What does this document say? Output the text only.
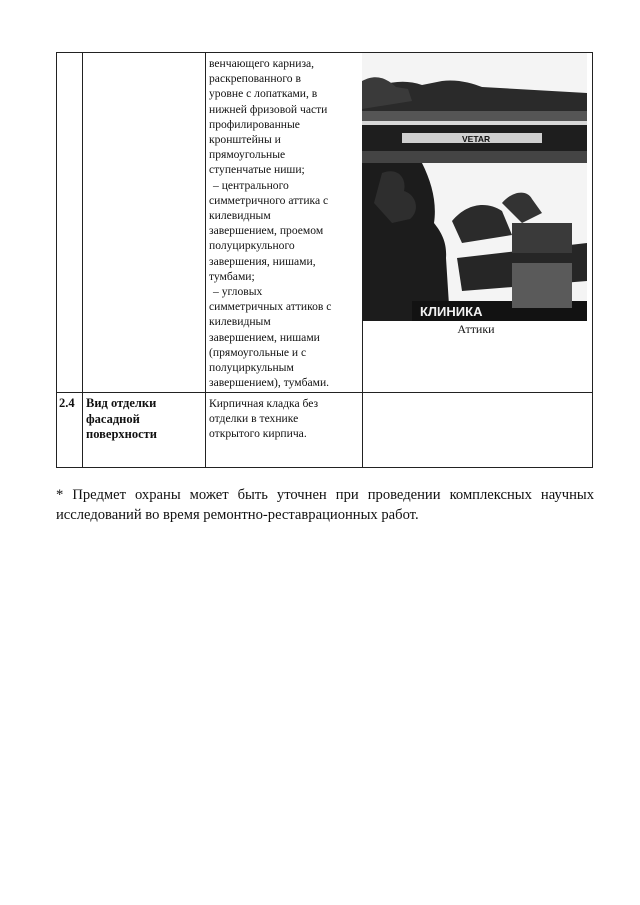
венчающего карниза,
раскрепованного в
уровне с лопатками, в
нижней фризовой части
профилированные
кронштейны и
прямоугольные
ступенчатые ниши;
– центрального
симметричного аттика с
килевидным
завершением, проемом
полуциркульного
завершения, нишами,
тумбами;
– угловых
симметричных аттиков с
килевидным
завершением, нишами
(прямоугольные и с
полуциркульным
завершением), тумбами.
VETAR
КЛИНИКА
Аттики
2.4 Вид отделки
фасадной
поверхности
Кирпичная кладка без
отделки в технике
открытого кирпича.
* Предмет охраны может быть уточнен при проведении комплексных научных исследований во время ремонтно-реставрационных работ.
